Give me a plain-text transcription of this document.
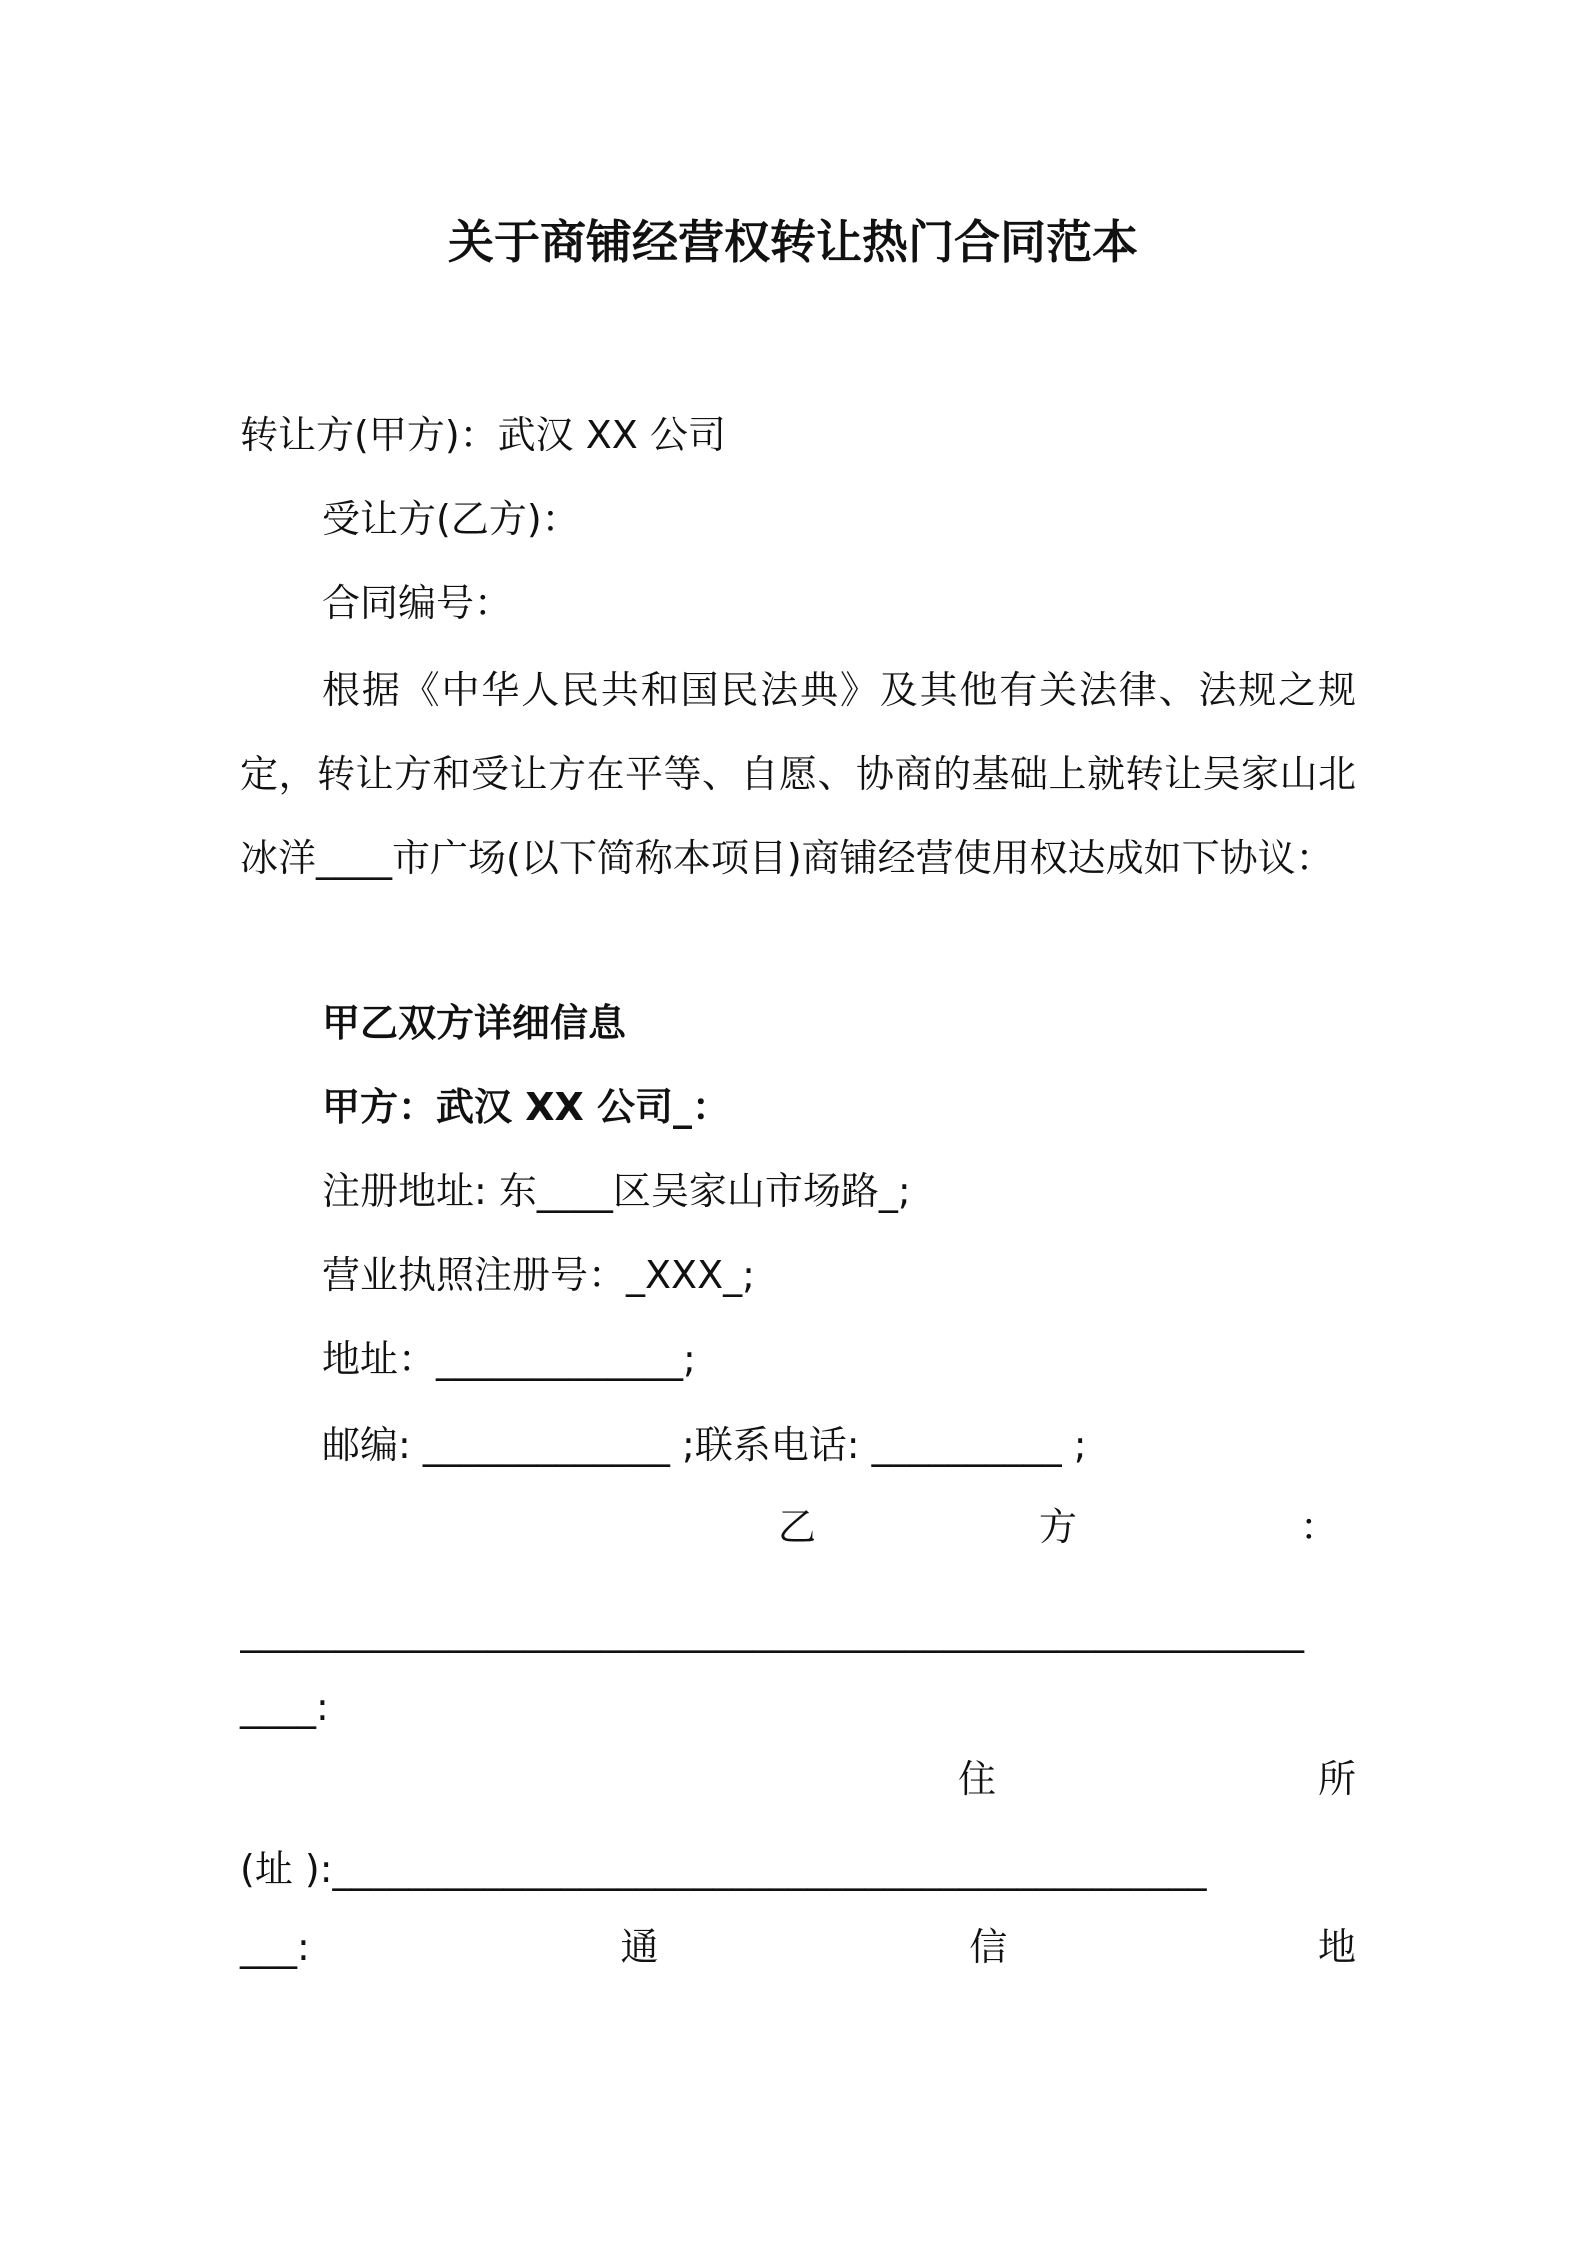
关于商铺经营权转让热门合同范本
转让方(甲方)：武汉 XX 公司
受让方(乙方)：
合同编号：
根据《中华人民共和国民法典》及其他有关法律、法规之规定，转让方和受让方在平等、自愿、协商的基础上就转让吴家山北冰洋____市广场(以下简称本项目)商铺经营使用权达成如下协议：
甲乙双方详细信息
甲方：武汉 XX 公司_：
注册地址: 东____区吴家山市场路_;
营业执照注册号：_XXX_;
地址：_____________;
邮编: _____________ ;联系电话: __________ ;
乙	方	：
________________________________________________________
____:
住	所
(址 ):______________________________________________
___:	通	信	地
